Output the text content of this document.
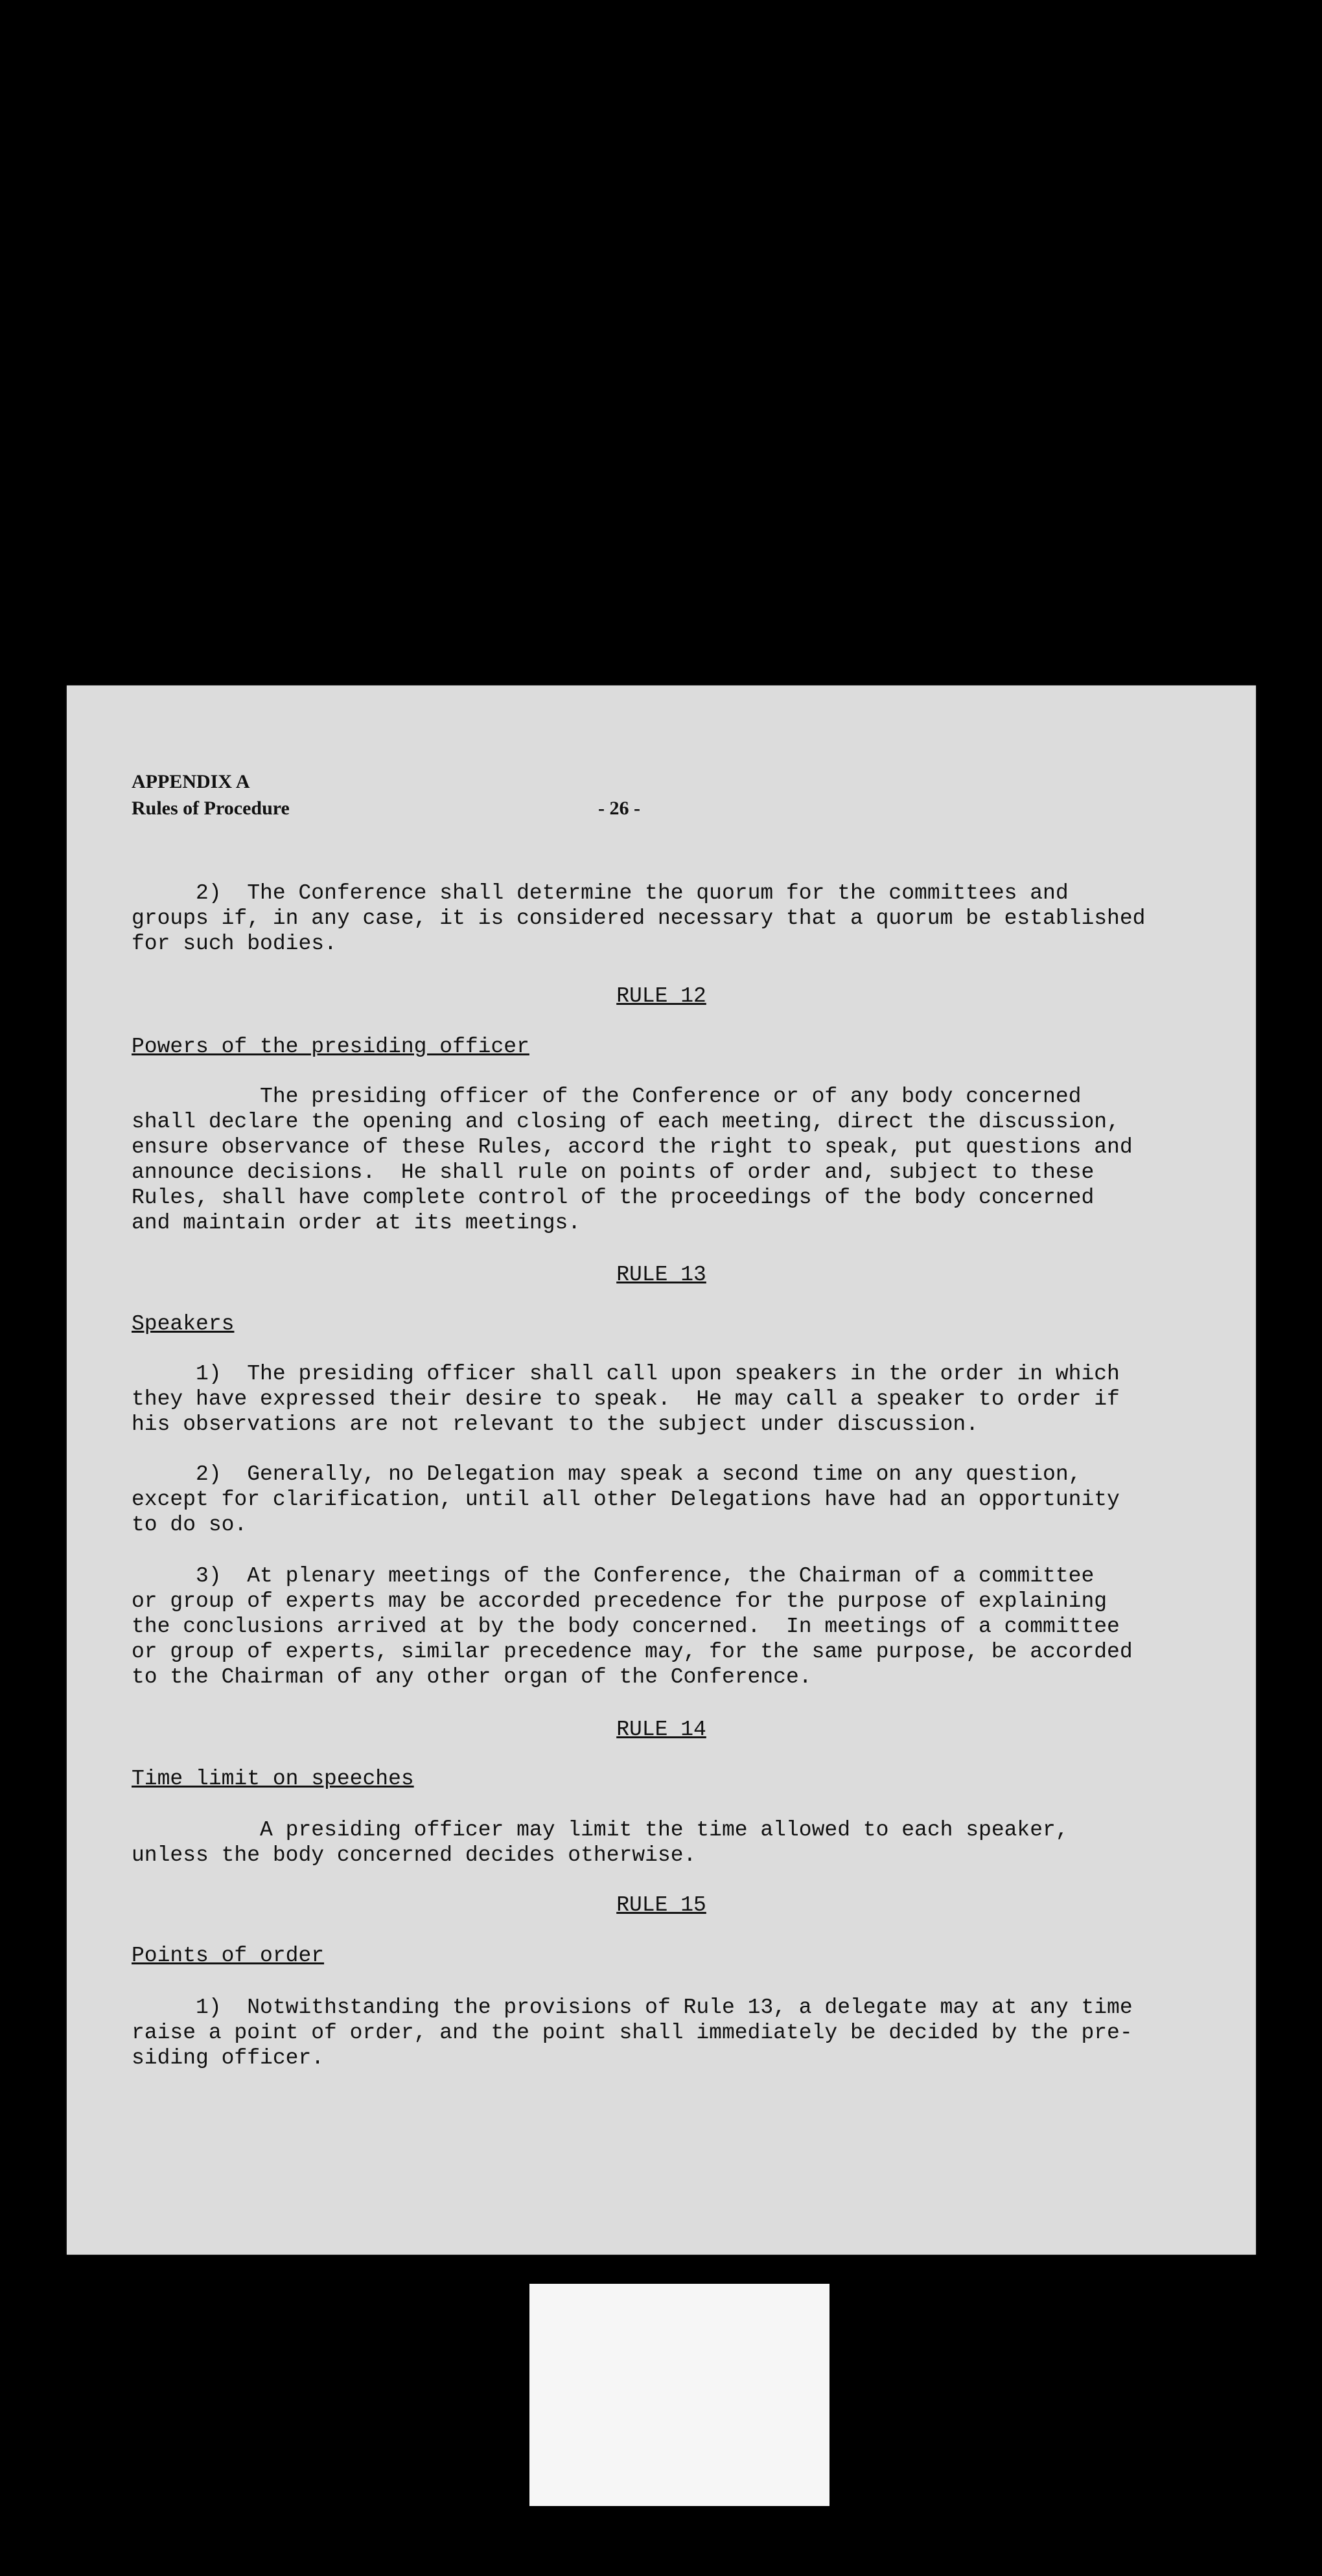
APPENDIX A
Rules of Procedure	- 26 -

2)  The Conference shall determine the quorum for the committees and
groups if, in any case, it is considered necessary that a quorum be established
for such bodies.

RULE 12

Powers of the presiding officer

The presiding officer of the Conference or of any body concerned
shall declare the opening and closing of each meeting, direct the discussion,
ensure observance of these Rules, accord the right to speak, put questions and
announce decisions.  He shall rule on points of order and, subject to these
Rules, shall have complete control of the proceedings of the body concerned
and maintain order at its meetings.

RULE 13

Speakers

1)  The presiding officer shall call upon speakers in the order in which
they have expressed their desire to speak.  He may call a speaker to order if
his observations are not relevant to the subject under discussion.

2)  Generally, no Delegation may speak a second time on any question,
except for clarification, until all other Delegations have had an opportunity
to do so.

3)  At plenary meetings of the Conference, the Chairman of a committee
or group of experts may be accorded precedence for the purpose of explaining
the conclusions arrived at by the body concerned.  In meetings of a committee
or group of experts, similar precedence may, for the same purpose, be accorded
to the Chairman of any other organ of the Conference.

RULE 14

Time limit on speeches

A presiding officer may limit the time allowed to each speaker,
unless the body concerned decides otherwise.

RULE 15

Points of order

1)  Notwithstanding the provisions of Rule 13, a delegate may at any time
raise a point of order, and the point shall immediately be decided by the pre-
siding officer.
